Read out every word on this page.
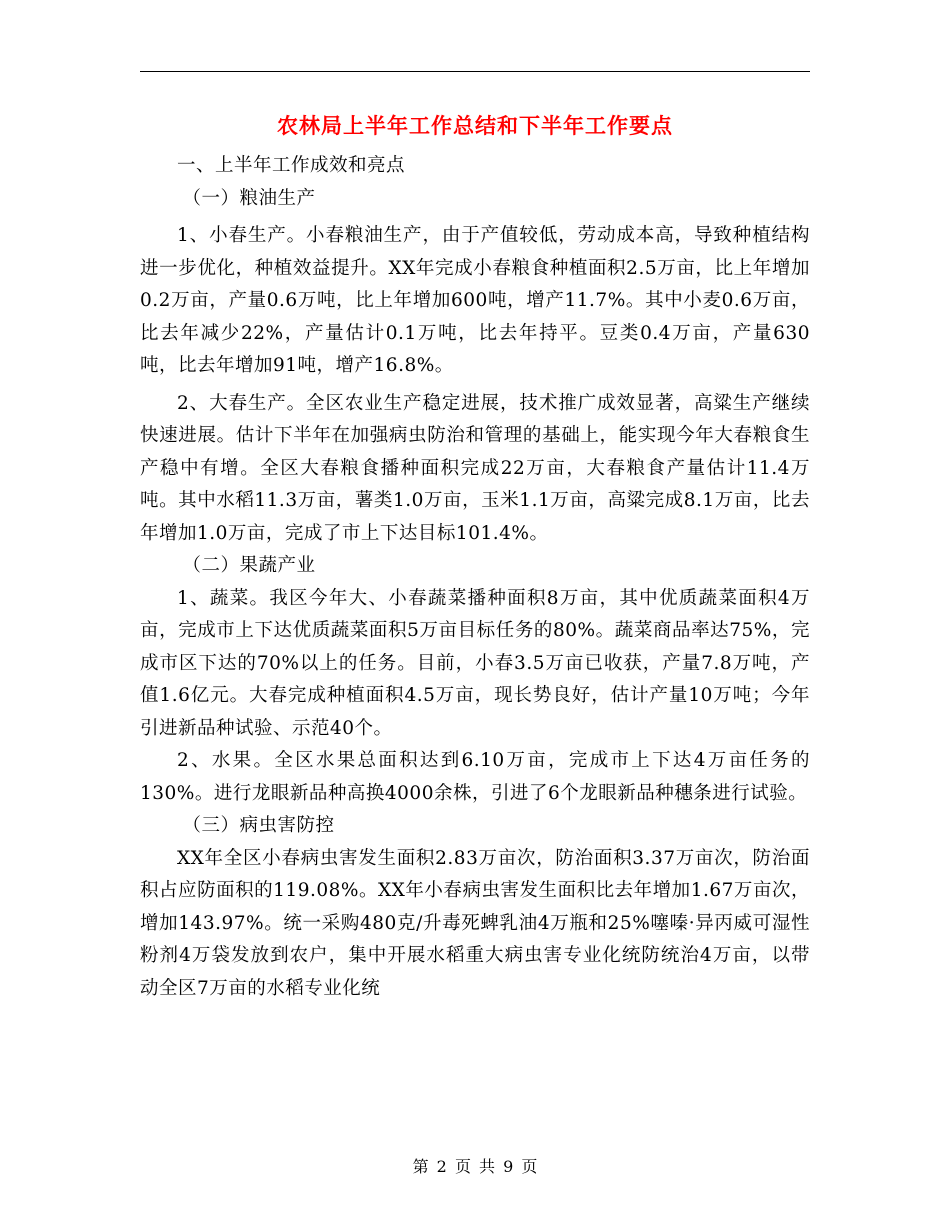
农林局上半年工作总结和下半年工作要点

一、上半年工作成效和亮点

（一）粮油生产

1、小春生产。小春粮油生产，由于产值较低，劳动成本高，导致种植结构进一步优化，种植效益提升。XX年完成小春粮食种植面积2.5万亩，比上年增加0.2万亩，产量0.6万吨，比上年增加600吨，增产11.7%。其中小麦0.6万亩，比去年减少22%，产量估计0.1万吨，比去年持平。豆类0.4万亩，产量630吨，比去年增加91吨，增产16.8%。

2、大春生产。全区农业生产稳定进展，技术推广成效显著，高粱生产继续快速进展。估计下半年在加强病虫防治和管理的基础上，能实现今年大春粮食生产稳中有增。全区大春粮食播种面积完成22万亩，大春粮食产量估计11.4万吨。其中水稻11.3万亩，薯类1.0万亩，玉米1.1万亩，高粱完成8.1万亩，比去年增加1.0万亩，完成了市上下达目标101.4%。

（二）果蔬产业

1、蔬菜。我区今年大、小春蔬菜播种面积8万亩，其中优质蔬菜面积4万亩，完成市上下达优质蔬菜面积5万亩目标任务的80%。蔬菜商品率达75%，完成市区下达的70%以上的任务。目前，小春3.5万亩已收获，产量7.8万吨，产值1.6亿元。大春完成种植面积4.5万亩，现长势良好，估计产量10万吨；今年引进新品种试验、示范40个。

2、水果。全区水果总面积达到6.10万亩，完成市上下达4万亩任务的130%。进行龙眼新品种高换4000余株，引进了6个龙眼新品种穗条进行试验。

（三）病虫害防控

XX年全区小春病虫害发生面积2.83万亩次，防治面积3.37万亩次，防治面积占应防面积的119.08%。XX年小春病虫害发生面积比去年增加1.67万亩次，增加143.97%。统一采购480克/升毒死蜱乳油4万瓶和25%噻嗪·异丙威可湿性粉剂4万袋发放到农户，集中开展水稻重大病虫害专业化统防统治4万亩，以带动全区7万亩的水稻专业化统

第 2 页 共 9 页
